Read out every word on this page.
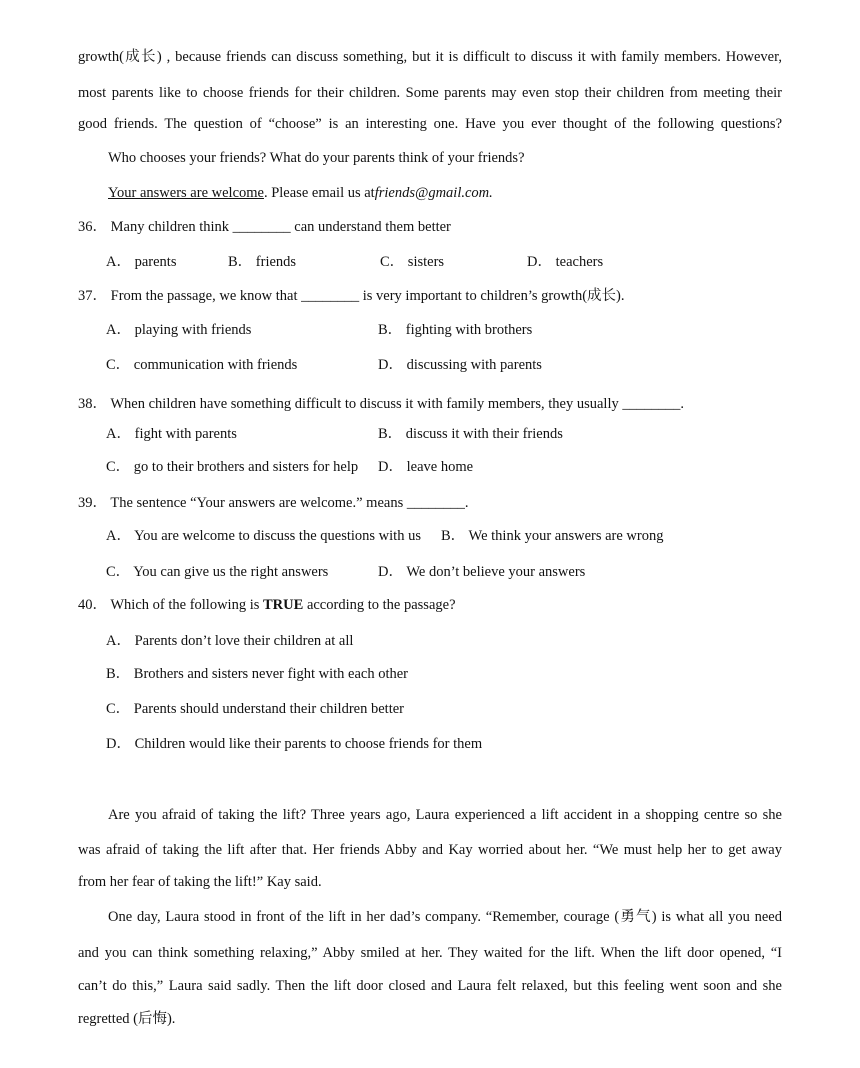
growth(成长) , because friends can discuss something, but it is difficult to discuss it with family members. However,
most parents like to choose friends for their children. Some parents may even stop their children from meeting their
good friends. The question of “choose” is an interesting one. Have you ever thought of the following questions?
Who chooses your friends? What do your parents think of your friends?
Your answers are welcome. Please email us atfriends@gmail.com.
36． Many children think ________ can understand them better
A． parents	B． friends	C． sisters	D． teachers
37． From the passage, we know that ________ is very important to children’s growth(成长).
A． playing with friends	B． fighting with brothers
C． communication with friends	D． discussing with parents
38． When children have something difficult to discuss it with family members, they usually ________.
A． fight with parents	B． discuss it with their friends
C． go to their brothers and sisters for help D． leave home
39． The sentence “Your answers are welcome.” means ________.
A． You are welcome to discuss the questions with us B． We think your answers are wrong
C． You can give us the right answers	D． We don’t believe your answers
40． Which of the following is TRUE according to the passage?
A． Parents don’t love their children at all
B． Brothers and sisters never fight with each other
C． Parents should understand their children better
D． Children would like their parents to choose friends for them
Are you afraid of taking the lift? Three years ago, Laura experienced a lift accident in a shopping centre so she
was afraid of taking the lift after that. Her friends Abby and Kay worried about her. “We must help her to get away
from her fear of taking the lift!” Kay said.
One day, Laura stood in front of the lift in her dad’s company. “Remember, courage (勇气) is what all you need
and you can think something relaxing,” Abby smiled at her. They waited for the lift. When the lift door opened, “I
can’t do this,” Laura said sadly. Then the lift door closed and Laura felt relaxed, but this feeling went soon and she
regretted (后悔).
